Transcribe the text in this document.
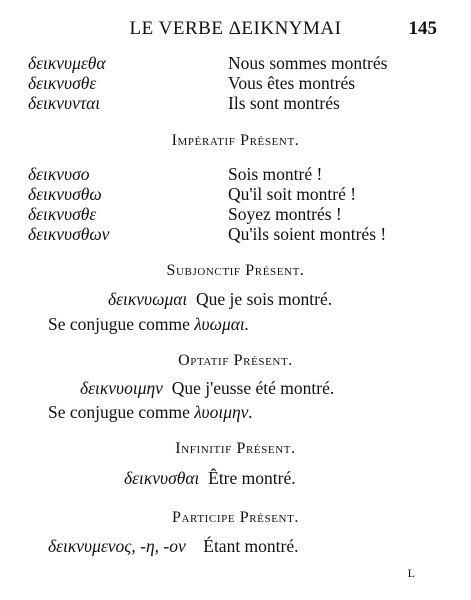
LE VERBE ΔΕΙΚΝΥΜΑΙ	145
δεικνυμεθα	Nous sommes montrés
δεικνυσθε	Vous êtes montrés
δεικνυνται	Ils sont montrés
Impératif Présent.
δεικνυσο	Sois montré !
δεικνυσθω	Qu'il soit montré !
δεικνυσθε	Soyez montrés !
δεικνυσθων	Qu'ils soient montrés !
Subjonctif Présent.
δεικνυωμαι Que je sois montré.
Se conjugue comme λυωμαι.
Optatif Présent.
δεικνυοιμην Que j'eusse été montré.
Se conjugue comme λυοιμην.
Infinitif Présent.
δεικνυσθαι Être montré.
Participe Présent.
δεικνυμενος, -η, -ον Étant montré.
L
